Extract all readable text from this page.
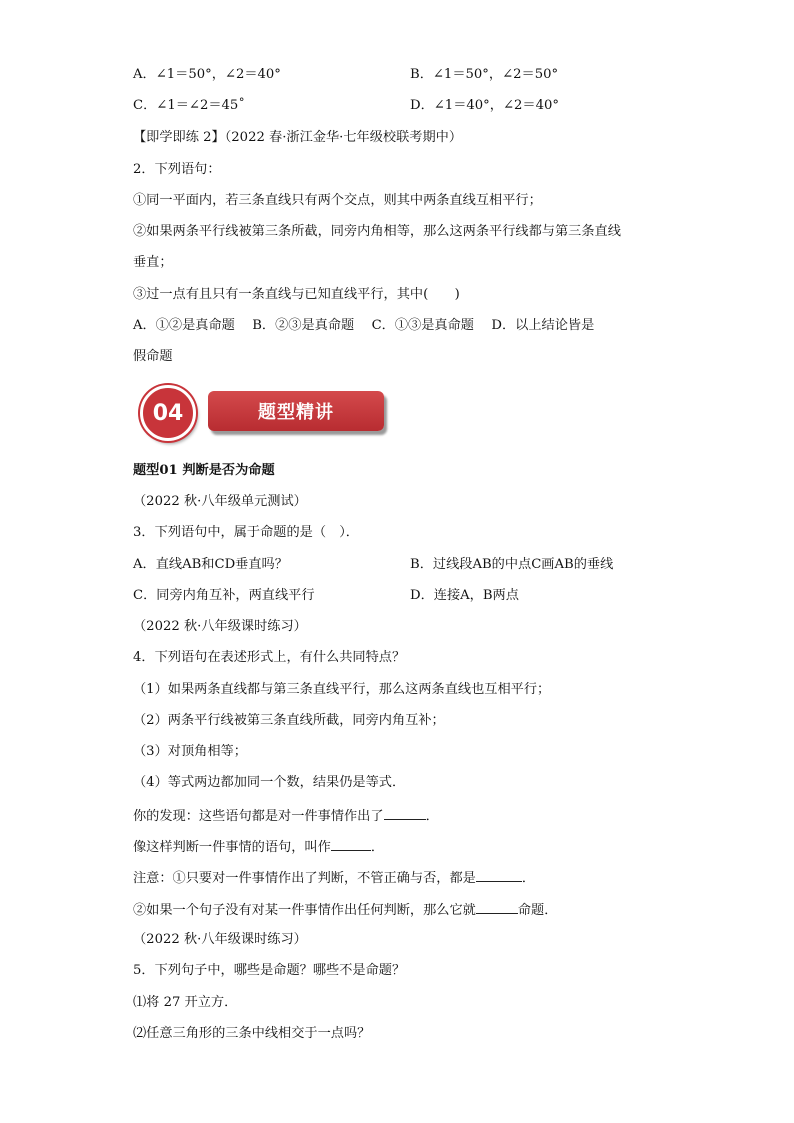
A．∠1＝50°，∠2＝40°	B．∠1＝50°，∠2＝50°
C．∠1＝∠2＝45˚	D．∠1＝40°，∠2＝40°
【即学即练 2】（2022 春·浙江金华·七年级校联考期中）
2．下列语句：
①同一平面内，若三条直线只有两个交点，则其中两条直线互相平行；
②如果两条平行线被第三条所截，同旁内角相等，那么这两条平行线都与第三条直线
垂直；
③过一点有且只有一条直线与已知直线平行，其中(　　)
A．①②是真命题　 B．②③是真命题　 C．①③是真命题　 D．以上结论皆是
假命题
题型精讲
04
题型01 判断是否为命题
（2022 秋·八年级单元测试）
3．下列语句中，属于命题的是（　）．
A．直线AB和CD垂直吗？	B．过线段AB的中点C画AB的垂线
C．同旁内角互补，两直线平行	D．连接A，B两点
（2022 秋·八年级课时练习）
4．下列语句在表述形式上，有什么共同特点？
（1）如果两条直线都与第三条直线平行，那么这两条直线也互相平行；
（2）两条平行线被第三条直线所截，同旁内角互补；
（3）对顶角相等；
（4）等式两边都加同一个数，结果仍是等式．
你的发现：这些语句都是对一件事情作出了	．
像这样判断一件事情的语句，叫作	．
注意：①只要对一件事情作出了判断，不管正确与否，都是	．
②如果一个句子没有对某一件事情作出任何判断，那么它就	命题．
（2022 秋·八年级课时练习）
5．下列句子中，哪些是命题？哪些不是命题？
⑴将 27 开立方．
⑵任意三角形的三条中线相交于一点吗？
